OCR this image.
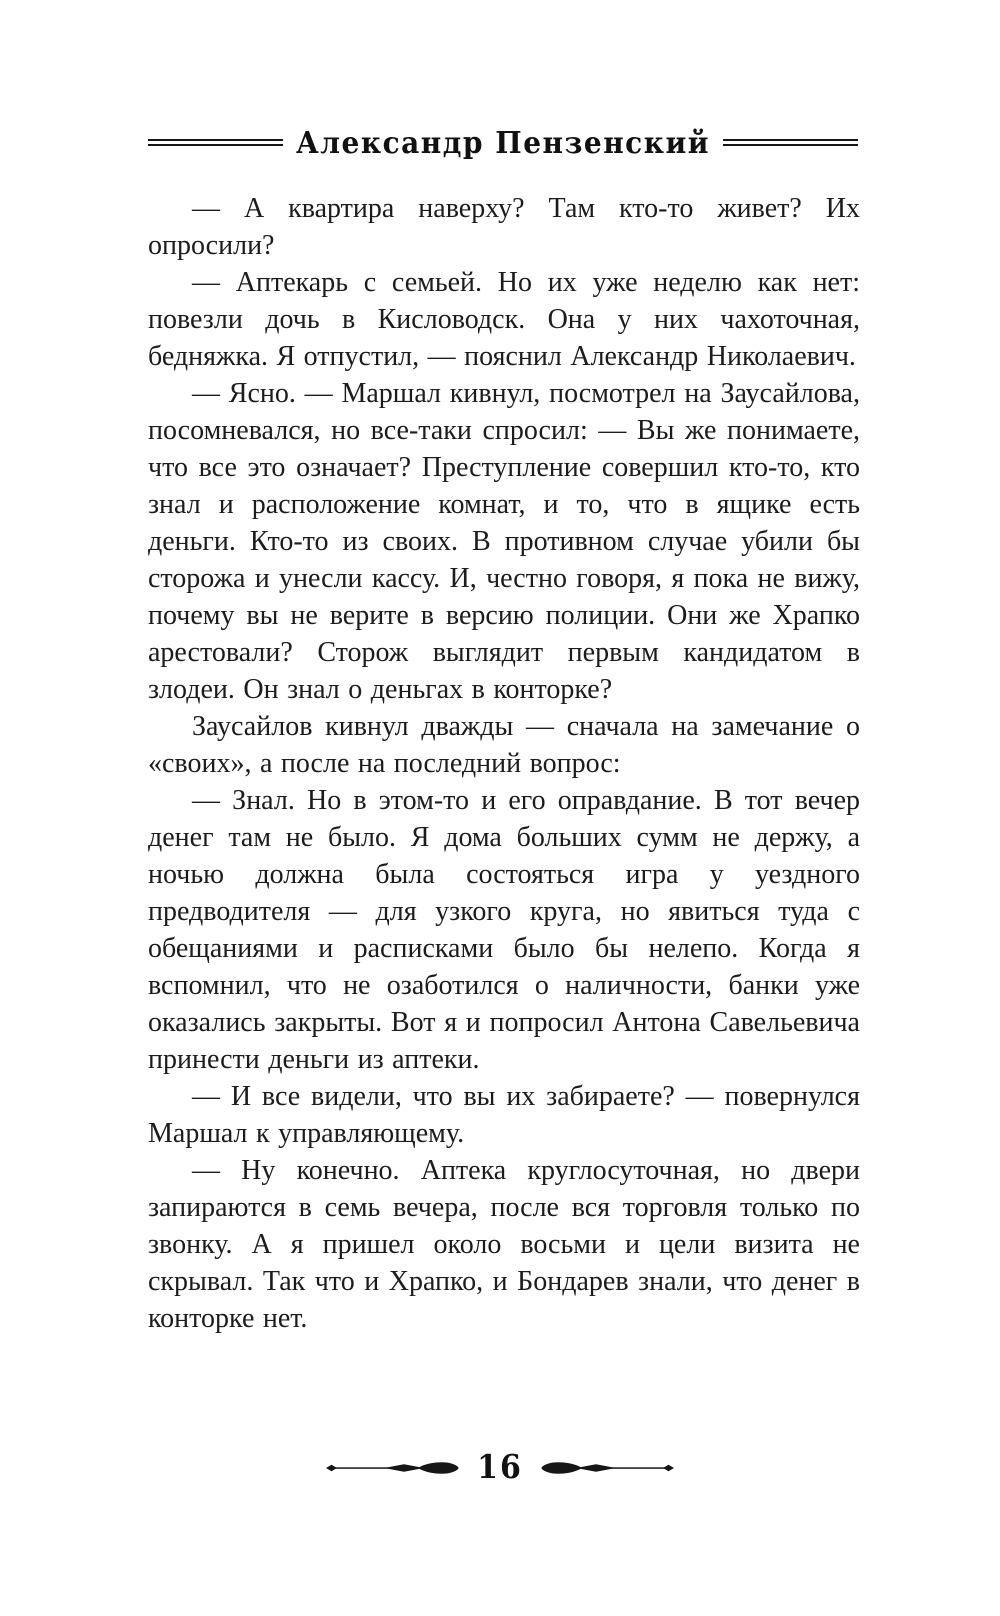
Александр Пензенский

— А квартира наверху? Там кто-то живет? Их опросили?

— Аптекарь с семьей. Но их уже неделю как нет: повезли дочь в Кисловодск. Она у них чахоточная, бедняжка. Я отпустил, — пояснил Александр Николаевич.

— Ясно. — Маршал кивнул, посмотрел на Заусайлова, посомневался, но все-таки спросил: — Вы же понимаете, что все это означает? Преступление совершил кто-то, кто знал и расположение комнат, и то, что в ящике есть деньги. Кто-то из своих. В противном случае убили бы сторожа и унесли кассу. И, честно говоря, я пока не вижу, почему вы не верите в версию полиции. Они же Храпко арестовали? Сторож выглядит первым кандидатом в злодеи. Он знал о деньгах в конторке?

Заусайлов кивнул дважды — сначала на замечание о «своих», а после на последний вопрос:

— Знал. Но в этом-то и его оправдание. В тот вечер денег там не было. Я дома больших сумм не держу, а ночью должна была состояться игра у уездного предводителя — для узкого круга, но явиться туда с обещаниями и расписками было бы нелепо. Когда я вспомнил, что не озаботился о наличности, банки уже оказались закрыты. Вот я и попросил Антона Савельевича принести деньги из аптеки.

— И все видели, что вы их забираете? — повернулся Маршал к управляющему.

— Ну конечно. Аптека круглосуточная, но двери запираются в семь вечера, после вся торговля только по звонку. А я пришел около восьми и цели визита не скрывал. Так что и Храпко, и Бондарев знали, что денег в конторке нет.

16
